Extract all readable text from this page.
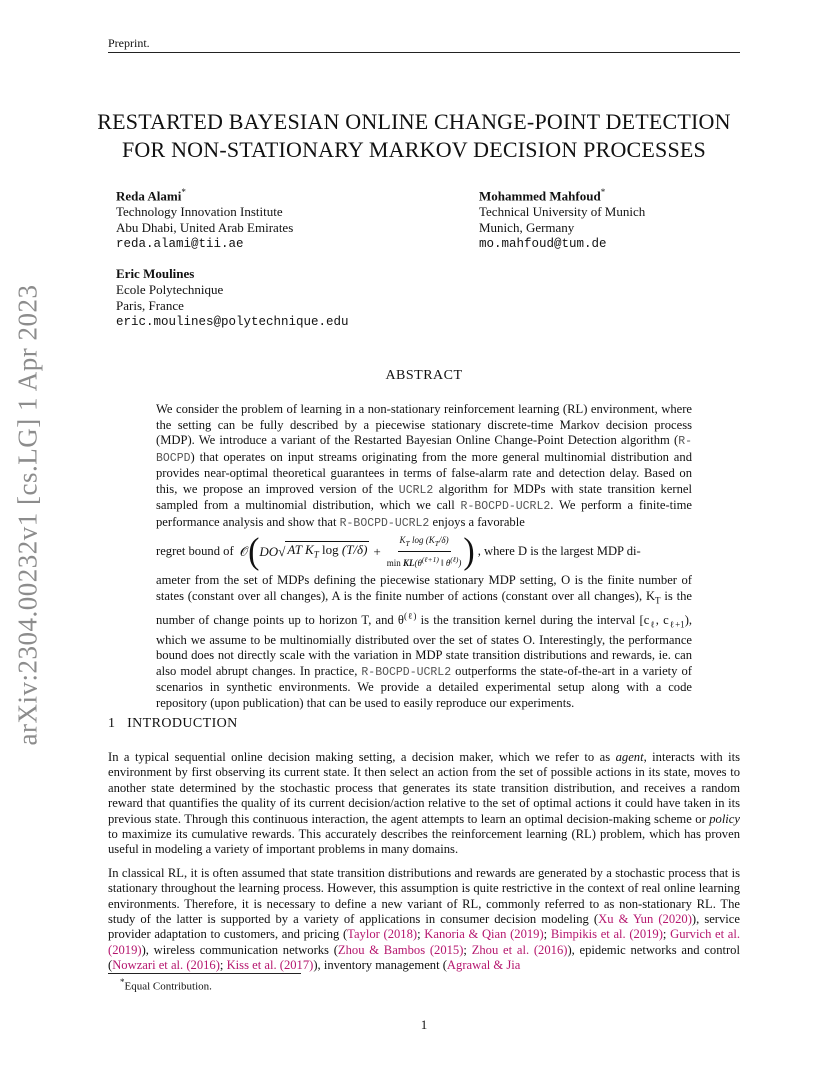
Preprint.
arXiv:2304.00232v1 [cs.LG] 1 Apr 2023
RESTARTED BAYESIAN ONLINE CHANGE-POINT DETECTION
FOR NON-STATIONARY MARKOV DECISION PROCESSES
Reda Alami*
Technology Innovation Institute
Abu Dhabi, United Arab Emirates
reda.alami@tii.ae
Mohammed Mahfoud*
Technical University of Munich
Munich, Germany
mo.mahfoud@tum.de
Eric Moulines
Ecole Polytechnique
Paris, France
eric.moulines@polytechnique.edu
ABSTRACT

We consider the problem of learning in a non-stationary reinforcement learning (RL) environment, where the setting can be fully described by a piecewise stationary discrete-time Markov decision process (MDP). We introduce a variant of the Restarted Bayesian Online Change-Point Detection algorithm (R-BOCPD) that operates on input streams originating from the more general multinomial distribution and provides near-optimal theoretical guarantees in terms of false-alarm rate and detection delay. Based on this, we propose an improved version of the UCRL2 algorithm for MDPs with state transition kernel sampled from a multinomial distribution, which we call R-BOCPD-UCRL2. We perform a finite-time performance analysis and show that R-BOCPD-UCRL2 enjoys a favorable

regret bound of 𝒪 ( DO√ AT $K_T$ $\log (T/\delta) + \frac{K_T \log (K_T/\delta)}{\min KL(\theta^{(\ell+1)} ‖ \theta^{(\ell)})}$ ) , where D is the largest MDP di-

ameter from the set of MDPs defining the piecewise stationary MDP setting, O is the finite number of states (constant over all changes), A is the finite number of actions (constant over all changes), $K_T$ is the number of change points up to horizon T, and $\theta^{(\ell)}$ is the transition kernel during the interval [$c_\ell$, $c_{\ell+1}$), which we assume to be multinomially distributed over the set of states O. Interestingly, the performance bound does not directly scale with the variation in MDP state transition distributions and rewards, ie. can also model abrupt changes. In practice, R-BOCPD-UCRL2 outperforms the state-of-the-art in a variety of scenarios in synthetic environments. We provide a detailed experimental setup along with a code repository (upon publication) that can be used to easily reproduce our experiments.

1 INTRODUCTION

In a typical sequential online decision making setting, a decision maker, which we refer to as agent, interacts with its environment by first observing its current state. It then select an action from the set of possible actions in its state, moves to another state determined by the stochastic process that generates its state transition distribution, and receives a random reward that quantifies the quality of its current decision/action relative to the set of optimal actions it could have taken in its previous state. Through this continuous interaction, the agent attempts to learn an optimal decision-making scheme or policy to maximize its cumulative rewards. This accurately describes the reinforcement learning (RL) problem, which has proven useful in modeling a variety of important problems in many domains.

In classical RL, it is often assumed that state transition distributions and rewards are generated by a stochastic process that is stationary throughout the learning process. However, this assumption is quite restrictive in the context of real online learning environments. Therefore, it is necessary to define a new variant of RL, commonly referred to as non-stationary RL. The study of the latter is supported by a variety of applications in consumer decision modeling (Xu & Yun (2020)), service provider adaptation to customers, and pricing (Taylor (2018); Kanoria & Qian (2019); Bimpikis et al. (2019); Gurvich et al. (2019)), wireless communication networks (Zhou & Bambos (2015); Zhou et al. (2016)), epidemic networks and control (Nowzari et al. (2016); Kiss et al. (2017)), inventory management (Agrawal & Jia

*Equal Contribution.
1
